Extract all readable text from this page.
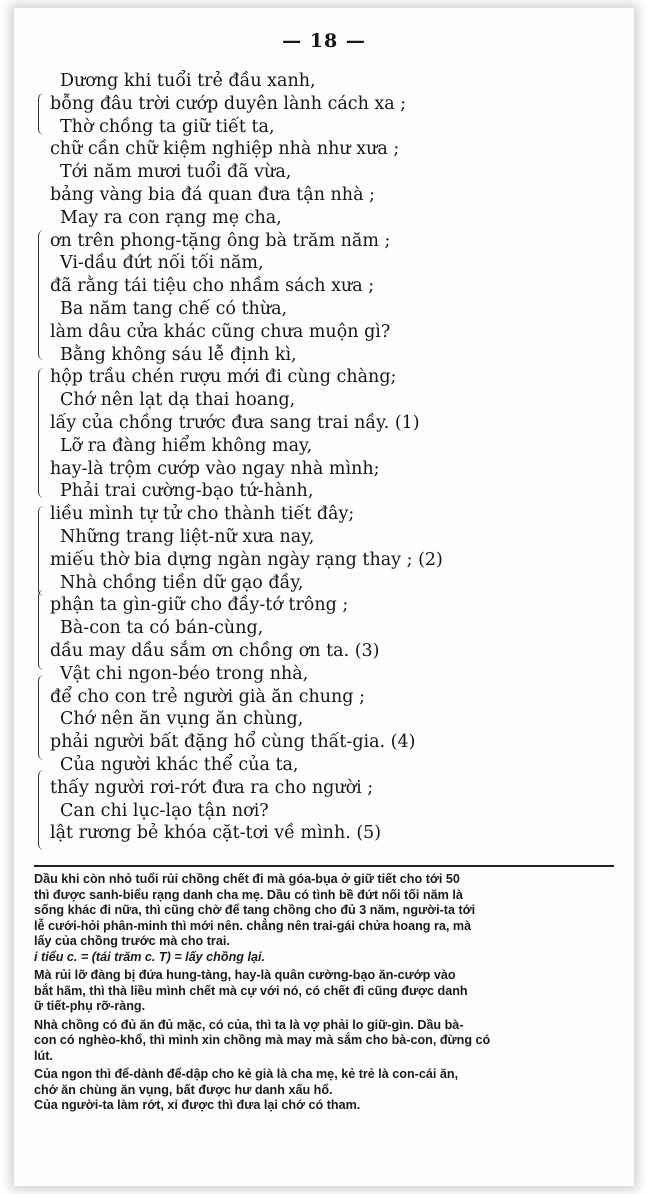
— 18 —
Dương khi tuổi trẻ đầu xanh,
bỗng đâu trời cướp duyên lành cách xa ;
Thờ chồng ta giữ tiết ta,
chữ cần chữ kiệm nghiệp nhà như xưa ;
Tới năm mươi tuổi đã vừa,
bảng vàng bia đá quan đưa tận nhà ;
May ra con rạng mẹ cha,
ơn trên phong-tặng ông bà trăm năm ;
Vi-dầu đứt nối tối năm,
đã rằng tái tiệu cho nhầm sách xưa ;
Ba năm tang chế có thừa,
làm dâu cửa khác cũng chưa muộn gì?
Bằng không sáu lễ định kì,
hộp trầu chén rượu mới đi cùng chàng;
Chớ nên lạt dạ thai hoang,
lấy của chồng trước đưa sang trai nầy. (1)
Lỡ ra đàng hiểm không may,
hay-là trộm cướp vào ngay nhà mình;
Phải trai cường-bạo tứ-hành,
liều mình tự tử cho thành tiết đây;
Những trang liệt-nữ xưa nay,
miếu thờ bia dựng ngàn ngày rạng thay ; (2)
Nhà chồng tiền dữ gạo đầy,
phận ta gìn-giữ cho đầy-tớ trông ;
Bà-con ta có bán-cùng,
dầu may dầu sắm ơn chồng ơn ta. (3)
Vật chi ngon-béo trong nhà,
để cho con trẻ người già ăn chung ;
Chớ nên ăn vụng ăn chùng,
phải người bất đặng hổ cùng thất-gia. (4)
Của người khác thể của ta,
thấy người rơi-rớt đưa ra cho người ;
Can chi lục-lạo tận nơi?
lật rương bẻ khóa cặt-tơi về mình. (5)
Dầu khi còn nhỏ tuổi rủi chồng chết đi mà góa-bụa ở giữ tiết cho tới 50
thì được sanh-biểu rạng danh cha mẹ. Dầu có tình bề đứt nối tối năm là
sống khác đi nữa, thì cũng chờ để tang chồng cho đủ 3 năm, người-ta tới
lễ cưới-hỏi phân-minh thì mới nên. chẳng nên trai-gái chửa hoang ra, mà
lấy của chồng trước mà cho trai.
i tiểu c. = (tái trăm c. T) = lấy chồng lại.
Mà rủi lỡ đàng bị đứa hung-tàng, hay-là quân cường-bạo ăn-cướp vào
bắt hãm, thì thà liều mình chết mà cự với nó, có chết đi cũng được danh
ữ tiết-phụ rỡ-ràng.
Nhà chồng có đủ ăn đủ mặc, có của, thì ta là vợ phải lo giữ-gìn. Dầu bà-
con có nghèo-khổ, thì mình xin chồng mà may mà sắm cho bà-con, đừng có
lút.
Của ngon thì để-dành để-dập cho kẻ già là cha mẹ, kẻ trẻ là con-cái ăn,
chớ ăn chùng ăn vụng, bất được hư danh xấu hổ.
Của người-ta làm rớt, xỉ được thì đưa lại chớ có tham.
